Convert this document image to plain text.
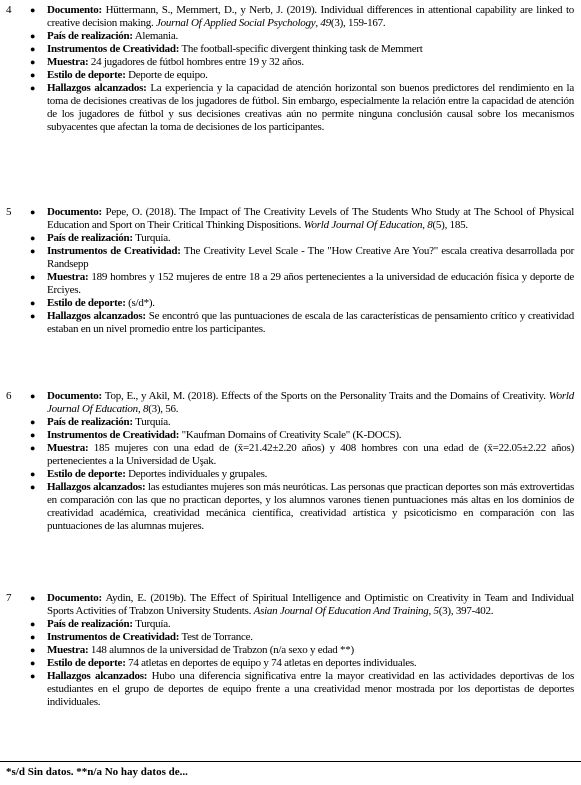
4	● Documento: Hüttermann, S., Memmert, D., y Nerb, J. (2019). Individual differences in attentional capability are linked to creative decision making. Journal Of Applied Social Psychology, 49(3), 159-167.
● País de realización: Alemania.
● Instrumentos de Creatividad: The football-specific divergent thinking task de Memmert
● Muestra: 24 jugadores de fútbol hombres entre 19 y 32 años.
● Estilo de deporte: Deporte de equipo.
● Hallazgos alcanzados: La experiencia y la capacidad de atención horizontal son buenos predictores del rendimiento en la toma de decisiones creativas de los jugadores de fútbol. Sin embargo, especialmente la relación entre la capacidad de atención de los jugadores de fútbol y sus decisiones creativas aún no permite ninguna conclusión causal sobre los mecanismos subyacentes que afectan la toma de decisiones de los participantes.
5	● Documento: Pepe, O. (2018). The Impact of The Creativity Levels of The Students Who Study at The School of Physical Education and Sport on Their Critical Thinking Dispositions. World Journal Of Education, 8(5), 185.
● País de realización: Turquía.
● Instrumentos de Creatividad: The Creativity Level Scale - The "How Creative Are You?" escala creativa desarrollada por Randsepp
● Muestra: 189 hombres y 152 mujeres de entre 18 a 29 años pertenecientes a la universidad de educación física y deporte de Erciyes.
● Estilo de deporte: (s/d*).
● Hallazgos alcanzados: Se encontró que las puntuaciones de escala de las características de pensamiento crítico y creatividad estaban en un nivel promedio entre los participantes.
6	● Documento: Top, E., y Akil, M. (2018). Effects of the Sports on the Personality Traits and the Domains of Creativity. World Journal Of Education, 8(3), 56.
● País de realización: Turquía.
● Instrumentos de Creatividad: "Kaufman Domains of Creativity Scale" (K-DOCS).
● Muestra: 185 mujeres con una edad de (x̄=21.42±2.20 años) y 408 hombres con una edad de (x̄=22.05±2.22 años) pertenecientes a la Universidad de Uşak.
● Estilo de deporte: Deportes individuales y grupales.
● Hallazgos alcanzados: las estudiantes mujeres son más neuróticas. Las personas que practican deportes son más extrovertidas en comparación con las que no practican deportes, y los alumnos varones tienen puntuaciones más altas en los dominios de creatividad académica, creatividad mecánica científica, creatividad artística y psicoticismo en comparación con las puntuaciones de las alumnas mujeres.
7	● Documento: Aydin, E. (2019b). The Effect of Spiritual Intelligence and Optimistic on Creativity in Team and Individual Sports Activities of Trabzon University Students. Asian Journal Of Education And Training, 5(3), 397-402.
● País de realización: Turquía.
● Instrumentos de Creatividad: Test de Torrance.
● Muestra: 148 alumnos de la universidad de Trabzon (n/a sexo y edad **)
● Estilo de deporte: 74 atletas en deportes de equipo y 74 atletas en deportes individuales.
● Hallazgos alcanzados: Hubo una diferencia significativa entre la mayor creatividad en las actividades deportivas de los estudiantes en el grupo de deportes de equipo frente a una creatividad menor mostrada por los deportistas de deportes individuales.
*s/d Sin datos. **n/a No hay datos de...
